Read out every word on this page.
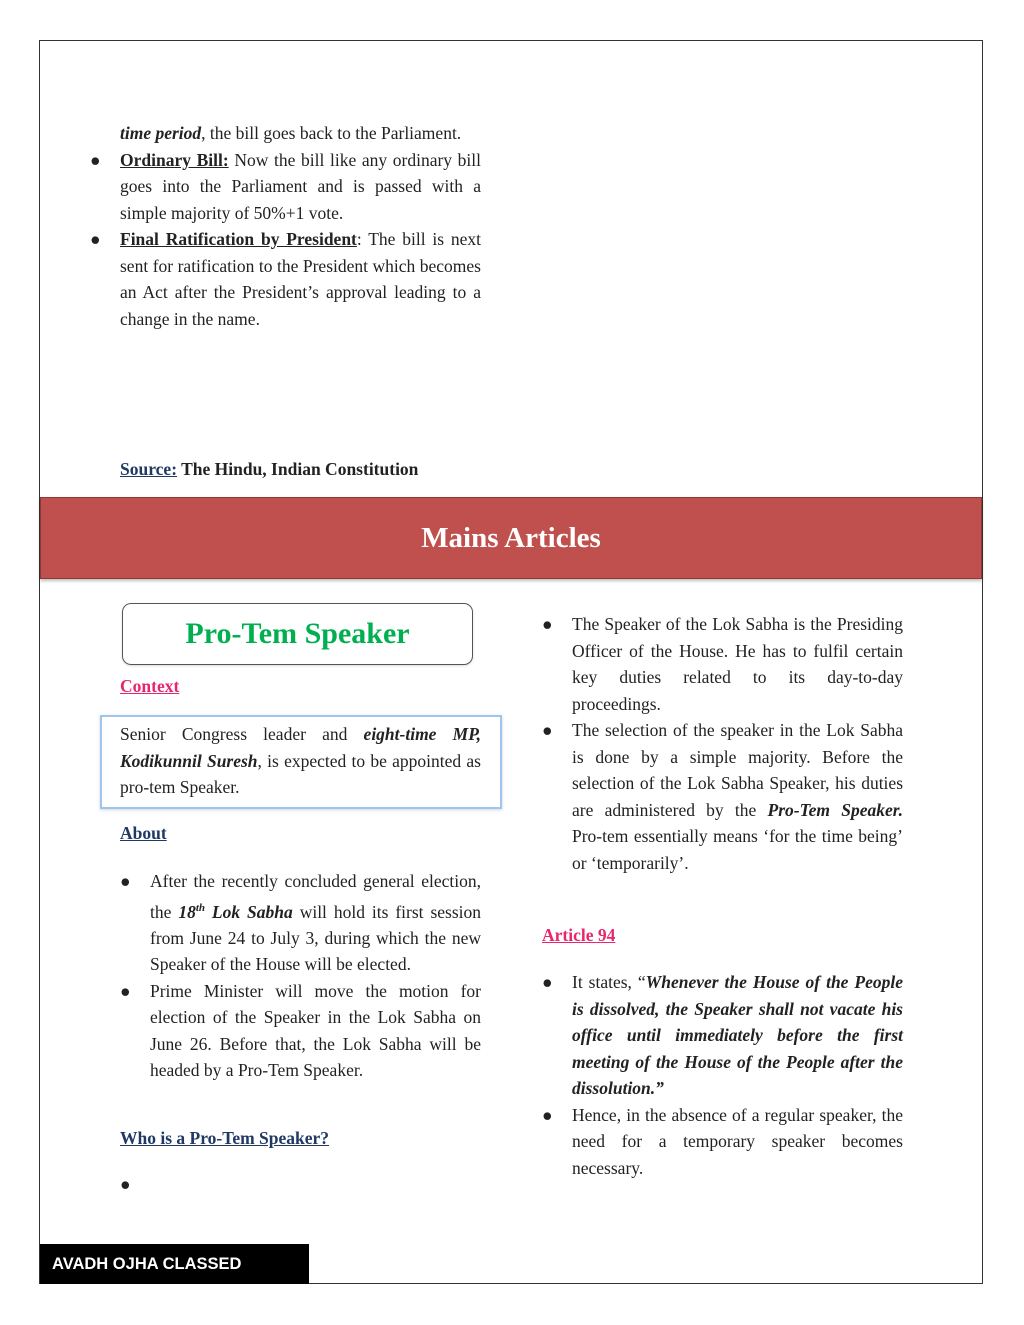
time period, the bill goes back to the Parliament.
● Ordinary Bill: Now the bill like any ordinary bill goes into the Parliament and is passed with a simple majority of 50%+1 vote.
● Final Ratification by President: The bill is next sent for ratification to the President which becomes an Act after the President’s approval leading to a change in the name.
Source: The Hindu, Indian Constitution
Mains Articles
Pro-Tem Speaker
Context
Senior Congress leader and eight-time MP, Kodikunnil Suresh, is expected to be appointed as pro-tem Speaker.
About
● After the recently concluded general election, the 18th Lok Sabha will hold its first session from June 24 to July 3, during which the new Speaker of the House will be elected.
● Prime Minister will move the motion for election of the Speaker in the Lok Sabha on June 26. Before that, the Lok Sabha will be headed by a Pro-Tem Speaker.
Who is a Pro-Tem Speaker?
●
● The Speaker of the Lok Sabha is the Presiding Officer of the House. He has to fulfil certain key duties related to its day-to-day proceedings.
● The selection of the speaker in the Lok Sabha is done by a simple majority. Before the selection of the Lok Sabha Speaker, his duties are administered by the Pro-Tem Speaker. Pro-tem essentially means ‘for the time being’ or ‘temporarily’.
Article 94
● It states, “Whenever the House of the People is dissolved, the Speaker shall not vacate his office until immediately before the first meeting of the House of the People after the dissolution.”
● Hence, in the absence of a regular speaker, the need for a temporary speaker becomes necessary.
AVADH OJHA CLASSED
